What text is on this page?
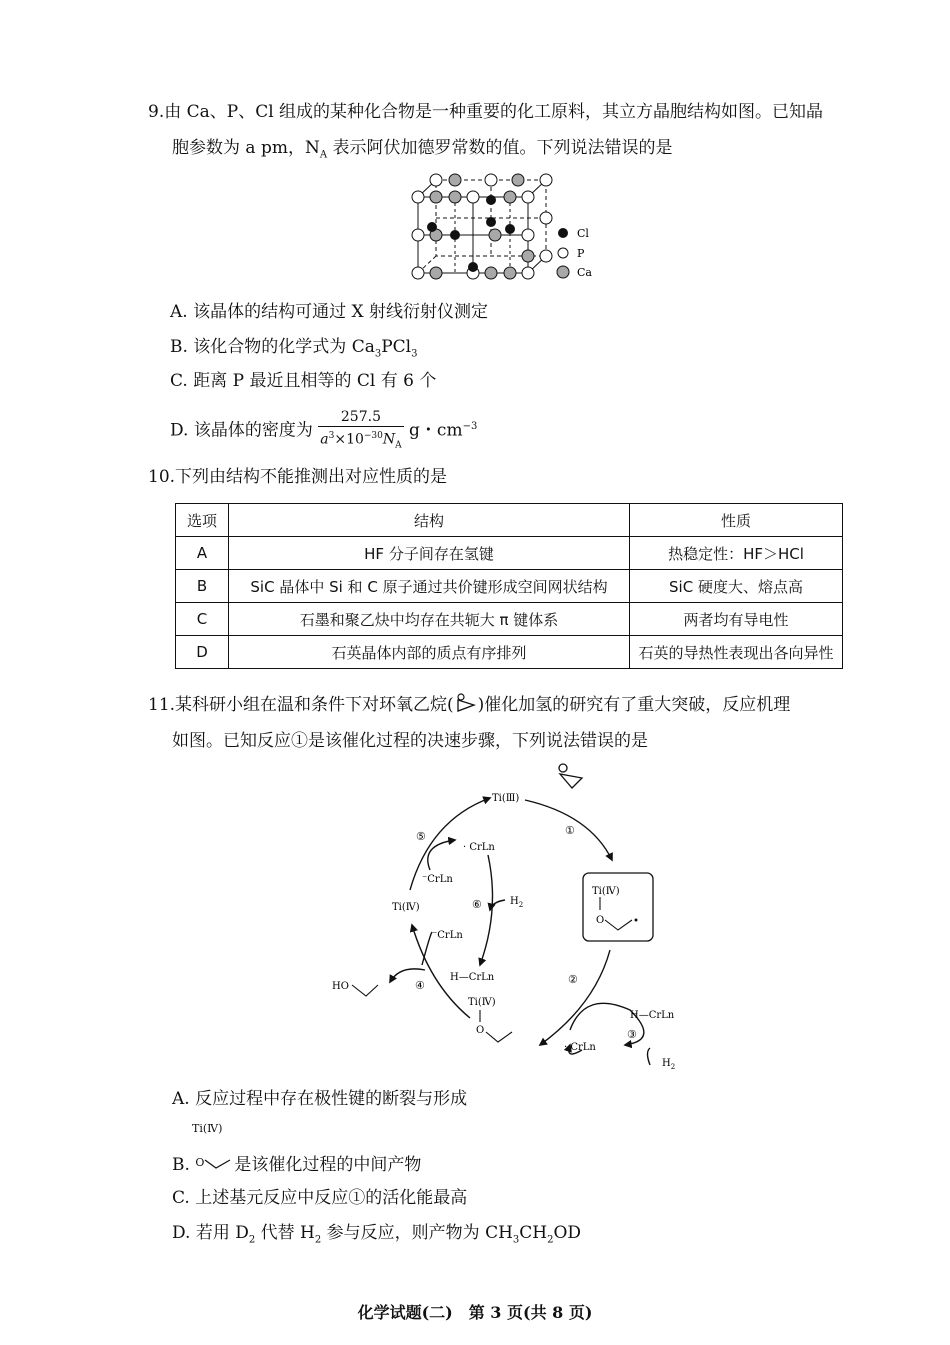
9.由 Ca、P、Cl 组成的某种化合物是一种重要的化工原料，其立方晶胞结构如图。已知晶
胞参数为 a pm，$N_A$ 表示阿伏加德罗常数的值。下列说法错误的是
Cl
P
Ca
A. 该晶体的结构可通过 X 射线衍射仪测定
B. 该化合物的化学式为 $Ca_3PCl_3$
C. 距离 P 最近且相等的 Cl 有 6 个
D. 该晶体的密度为 $\frac{257.5}{a^3\times 10^{-30}N_A}$ g・$cm^{-3}$
10.下列由结构不能推测出对应性质的是
选项	结构	性质
A	HF 分子间存在氢键	热稳定性：HF＞HCl
B	SiC 晶体中 Si 和 C 原子通过共价键形成空间网状结构	SiC 硬度大、熔点高
C	石墨和聚乙炔中均存在共轭大 π 键体系	两者均有导电性
D	石英晶体内部的质点有序排列	石英的导热性表现出各向异性
11.某科研小组在温和条件下对环氧乙烷( )催化加氢的研究有了重大突破，反应机理
如图。已知反应①是该催化过程的决速步骤，下列说法错误的是
Ti(Ⅲ)
Ti(Ⅳ)
O
Ti(Ⅳ)
Ti(Ⅳ)
O
· CrLn
⁻CrLn
⁻CrLn
H—CrLn
H—CrLn
· CrLn
$H_2$
$H_2$
HO
①
②
③
④
⑤
⑥
A. 反应过程中存在极性键的断裂与形成
Ti(Ⅳ)
B. $^O$ 是该催化过程的中间产物
C. 上述基元反应中反应①的活化能最高
D. 若用 $D_2$ 代替 $H_2$ 参与反应，则产物为 $CH_3CH_2OD$
化学试题(二)　第 3 页(共 8 页)
